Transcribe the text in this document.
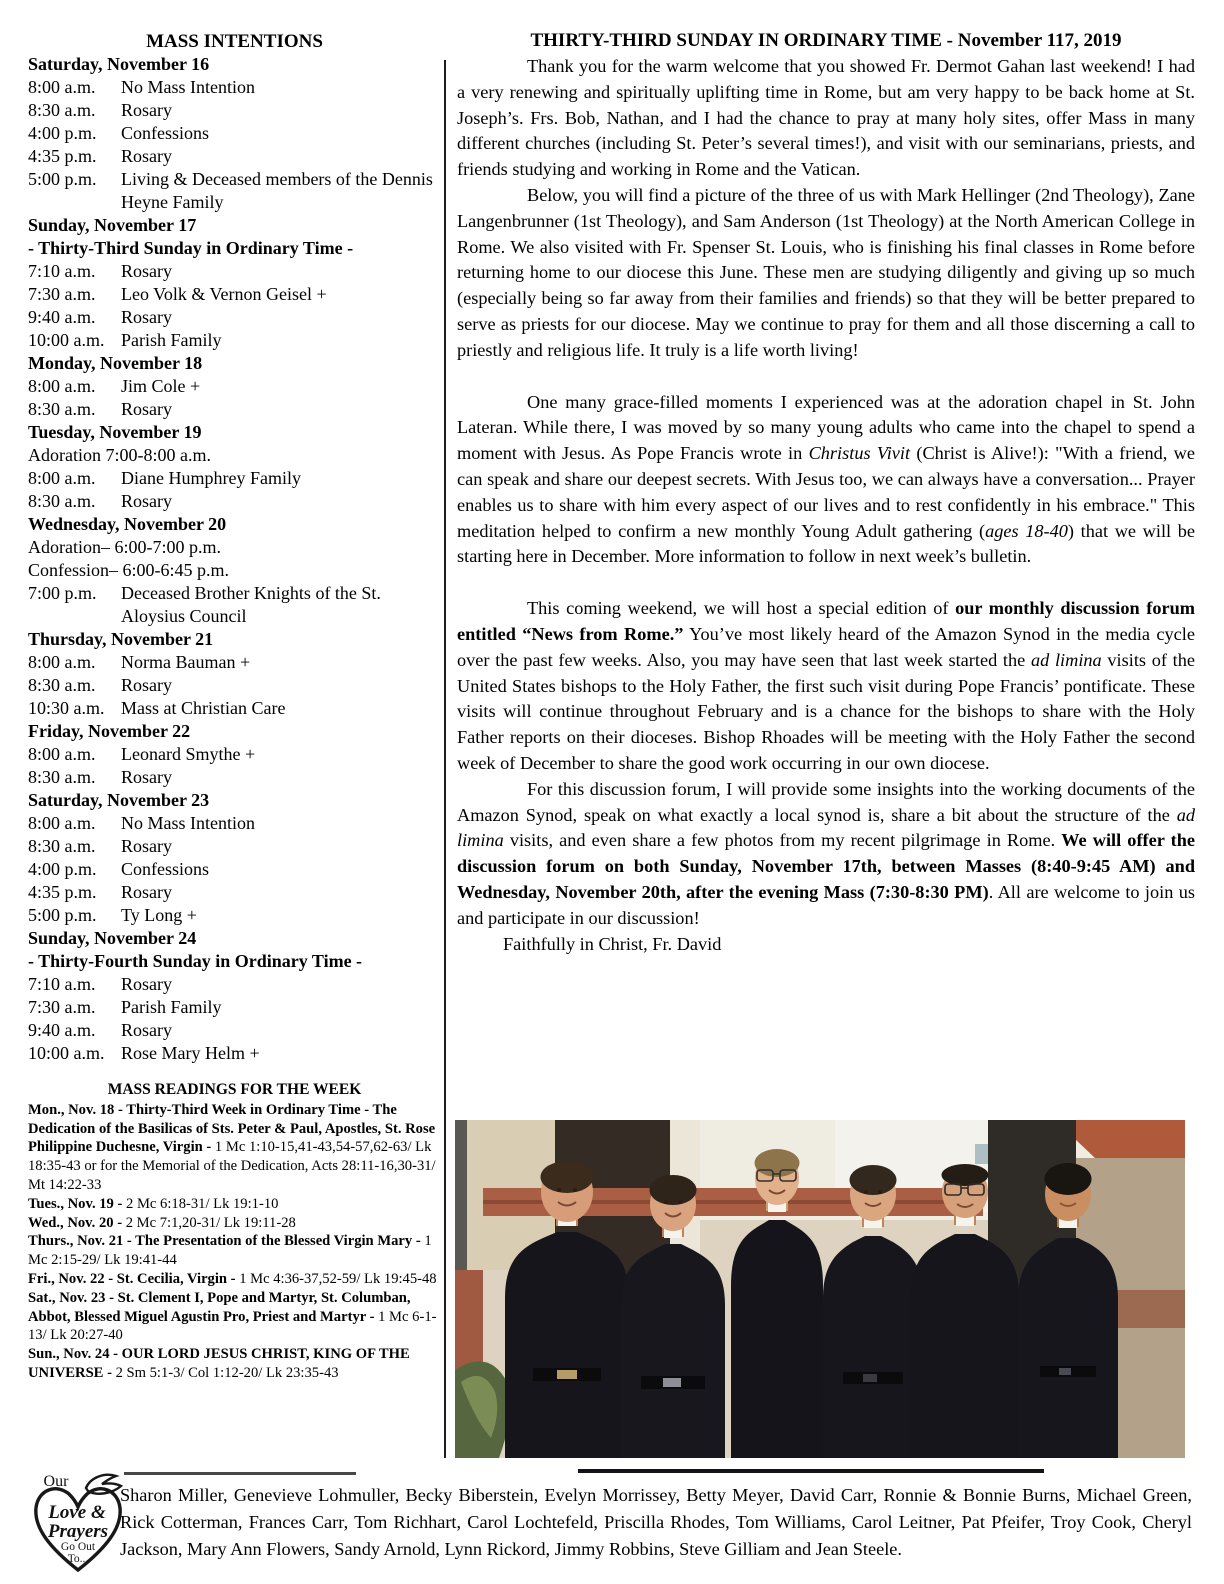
MASS INTENTIONS
Saturday, November 16
8:00 a.m.	No Mass Intention
8:30 a.m.	Rosary
4:00 p.m.	Confessions
4:35 p.m.	Rosary
5:00 p.m.	Living & Deceased members of the Dennis Heyne Family
Sunday, November 17
- Thirty-Third Sunday in Ordinary Time -
7:10 a.m.	Rosary
7:30 a.m.	Leo Volk & Vernon Geisel +
9:40 a.m.	Rosary
10:00 a.m. Parish Family
Monday, November 18
8:00 a.m.	Jim Cole +
8:30 a.m.	Rosary
Tuesday, November 19
Adoration 7:00-8:00 a.m.
8:00 a.m.	Diane Humphrey Family
8:30 a.m.	Rosary
Wednesday, November 20
Adoration– 6:00-7:00 p.m.
Confession– 6:00-6:45 p.m.
7:00 p.m.	Deceased Brother Knights of the St. Aloysius Council
Thursday, November 21
8:00 a.m.	Norma Bauman +
8:30 a.m.	Rosary
10:30 a.m. Mass at Christian Care
Friday, November 22
8:00 a.m.	Leonard Smythe +
8:30 a.m.	Rosary
Saturday, November 23
8:00 a.m.	No Mass Intention
8:30 a.m.	Rosary
4:00 p.m.	Confessions
4:35 p.m.	Rosary
5:00 p.m.	Ty Long +
Sunday, November 24
- Thirty-Fourth Sunday in Ordinary Time -
7:10 a.m.	Rosary
7:30 a.m.	Parish Family
9:40 a.m.	Rosary
10:00 a.m. Rose Mary Helm +
MASS READINGS FOR THE WEEK

Mon., Nov. 18 - Thirty-Third Week in Ordinary Time - The Dedication of the Basilicas of Sts. Peter & Paul, Apostles, St. Rose Philippine Duchesne, Virgin - 1 Mc 1:10-15,41-43,54-57,62-63/ Lk 18:35-43 or for the Memorial of the Dedication, Acts 28:11-16,30-31/ Mt 14:22-33

Tues., Nov. 19 - 2 Mc 6:18-31/ Lk 19:1-10

Wed., Nov. 20 - 2 Mc 7:1,20-31/ Lk 19:11-28

Thurs., Nov. 21 - The Presentation of the Blessed Virgin Mary - 1 Mc 2:15-29/ Lk 19:41-44

Fri., Nov. 22 - St. Cecilia, Virgin - 1 Mc 4:36-37,52-59/ Lk 19:45-48

Sat., Nov. 23 - St. Clement I, Pope and Martyr, St. Columban, Abbot, Blessed Miguel Agustin Pro, Priest and Martyr - 1 Mc 6-1-13/ Lk 20:27-40

Sun., Nov. 24 - OUR LORD JESUS CHRIST, KING OF THE UNIVERSE - 2 Sm 5:1-3/ Col 1:12-20/ Lk 23:35-43

THIRTY-THIRD SUNDAY IN ORDINARY TIME - November 117, 2019

Thank you for the warm welcome that you showed Fr. Dermot Gahan last weekend! I had a very renewing and spiritually uplifting time in Rome, but am very happy to be back home at St. Joseph’s. Frs. Bob, Nathan, and I had the chance to pray at many holy sites, offer Mass in many different churches (including St. Peter’s several times!), and visit with our seminarians, priests, and friends studying and working in Rome and the Vatican.

Below, you will find a picture of the three of us with Mark Hellinger (2nd Theology), Zane Langenbrunner (1st Theology), and Sam Anderson (1st Theology) at the North American College in Rome. We also visited with Fr. Spenser St. Louis, who is finishing his final classes in Rome before returning home to our diocese this June. These men are studying diligently and giving up so much (especially being so far away from their families and friends) so that they will be better prepared to serve as priests for our diocese. May we continue to pray for them and all those discerning a call to priestly and religious life. It truly is a life worth living!

One many grace-filled moments I experienced was at the adoration chapel in St. John Lateran. While there, I was moved by so many young adults who came into the chapel to spend a moment with Jesus. As Pope Francis wrote in Christus Vivit (Christ is Alive!): "With a friend, we can speak and share our deepest secrets. With Jesus too, we can always have a conversation... Prayer enables us to share with him every aspect of our lives and to rest confidently in his embrace." This meditation helped to confirm a new monthly Young Adult gathering (ages 18-40) that we will be starting here in December. More information to follow in next week’s bulletin.

This coming weekend, we will host a special edition of our monthly discussion forum entitled “News from Rome.” You’ve most likely heard of the Amazon Synod in the media cycle over the past few weeks. Also, you may have seen that last week started the ad limina visits of the United States bishops to the Holy Father, the first such visit during Pope Francis’ pontificate. These visits will continue throughout February and is a chance for the bishops to share with the Holy Father reports on their dioceses. Bishop Rhoades will be meeting with the Holy Father the second week of December to share the good work occurring in our own diocese.

For this discussion forum, I will provide some insights into the working documents of the Amazon Synod, speak on what exactly a local synod is, share a bit about the structure of the ad limina visits, and even share a few photos from my recent pilgrimage in Rome. We will offer the discussion forum on both Sunday, November 17th, between Masses (8:40-9:45 AM) and Wednesday, November 20th, after the evening Mass (7:30-8:30 PM). All are welcome to join us and participate in our discussion!

Faithfully in Christ, Fr. David

Our
Love &
Prayers
Go Out
To...
Sharon Miller, Genevieve Lohmuller, Becky Biberstein, Evelyn Morrissey, Betty Meyer, David Carr, Ronnie & Bonnie Burns, Michael Green, Rick Cotterman, Frances Carr, Tom Richhart, Carol Lochtefeld, Priscilla Rhodes, Tom Williams, Carol Leitner, Pat Pfeifer, Troy Cook, Cheryl Jackson, Mary Ann Flowers, Sandy Arnold, Lynn Rickord, Jimmy Robbins, Steve Gilliam and Jean Steele.
